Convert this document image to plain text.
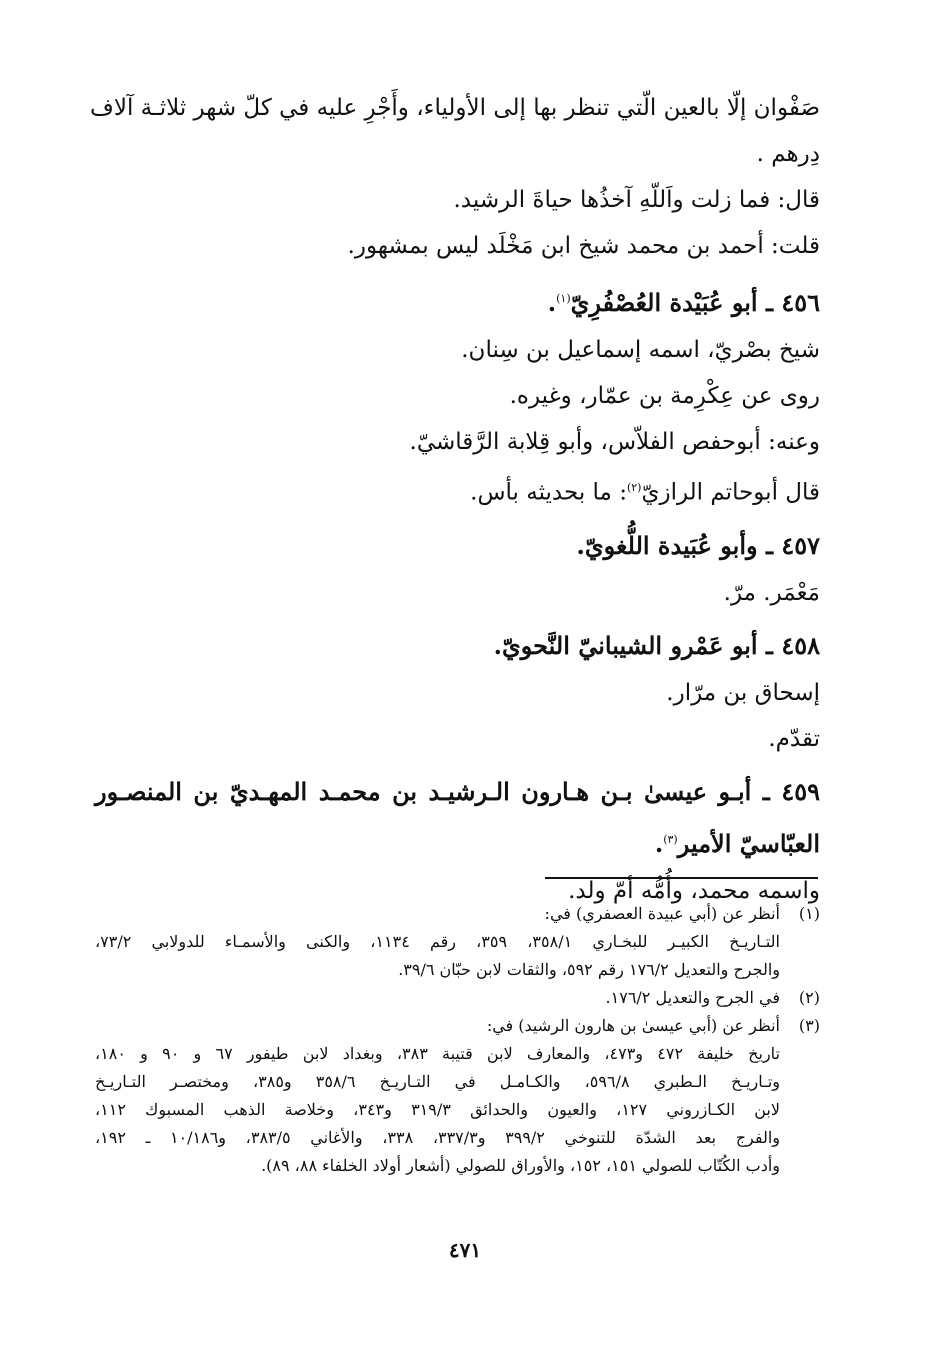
صَفْوان إلّا بالعين الّتي تنظر بها إلى الأولياء، وأَجْرِ عليه في كلّ شهر ثلاثـة آلاف
دِرهم .
قال: فما زلت واَللّهِ آخذُها حياةَ الرشيد.
قلت: أحمد بن محمد شيخ ابن مَخْلَد ليس بمشهور.
٤٥٦ ـ أبو عُبَيْدة العُصْفُرِيّ$^{(١)}$.
شيخ بصْريّ، اسمه إسماعيل بن سِنان.
روى عن عِكْرِمة بن عمّار، وغيره.
وعنه: أبوحفص الفلاّس، وأبو قِلابة الرَّقاشيّ.
قال أبوحاتم الرازيّ$^{(٢)}$: ما بحديثه بأس.
٤٥٧ ـ وأبو عُبَيدة اللُّغويّ.
مَعْمَر. مرّ.
٤٥٨ ـ أبو عَمْرو الشيبانيّ النَّحويّ.
إسحاق بن مرّار.
تقدّم.
٤٥٩ ـ أبـو عيسىٰ بـن هـارون الـرشيـد بن محمـد المهـديّ بن المنصـور
العبّاسيّ الأمير$^{(٣)}$.
واسمه محمد، وأُمُّه أمّ ولد.
(١)أنظر عن (أبي عبيدة العصفري) في:
التـاريـخ الكبيـر للبخـاري ٣٥٨/١، ٣٥٩، رقم ١١٣٤، والكنى والأسمـاء للدولابي ٧٣/٢،
والجرح والتعديل ١٧٦/٢ رقم ٥٩٢، والثقات لابن حبّان ٣٩/٦.
(٢)في الجرح والتعديل ١٧٦/٢.
(٣)أنظر عن (أبي عيسىٰ بن هارون الرشيد) في:
تاريخ خليفة ٤٧٢ و٤٧٣، والمعارف لابن قتيبة ٣٨٣، وبغداد لابن طيفور ٦٧ و ٩٠ و ١٨٠،
وتـاريـخ الـطبري ٥٩٦/٨، والكـامـل في التـاريـخ ٣٥٨/٦ و٣٨٥، ومختصـر التـاريـخ
لابن الكـازروني ١٢٧، والعيون والحدائق ٣١٩/٣ و٣٤٣، وخلاصة الذهب المسبوك ١١٢،
والفرج بعد الشدّة للتنوخي ٣٩٩/٢ و٣٣٧/٣، ٣٣٨، والأغاني ٣٨٣/٥، و١٠/١٨٦ ـ ١٩٢،
وأدب الكُتّاب للصولي ١٥١، ١٥٢، والأوراق للصولي (أشعار أولاد الخلفاء ٨٨، ٨٩).
٤٧١
